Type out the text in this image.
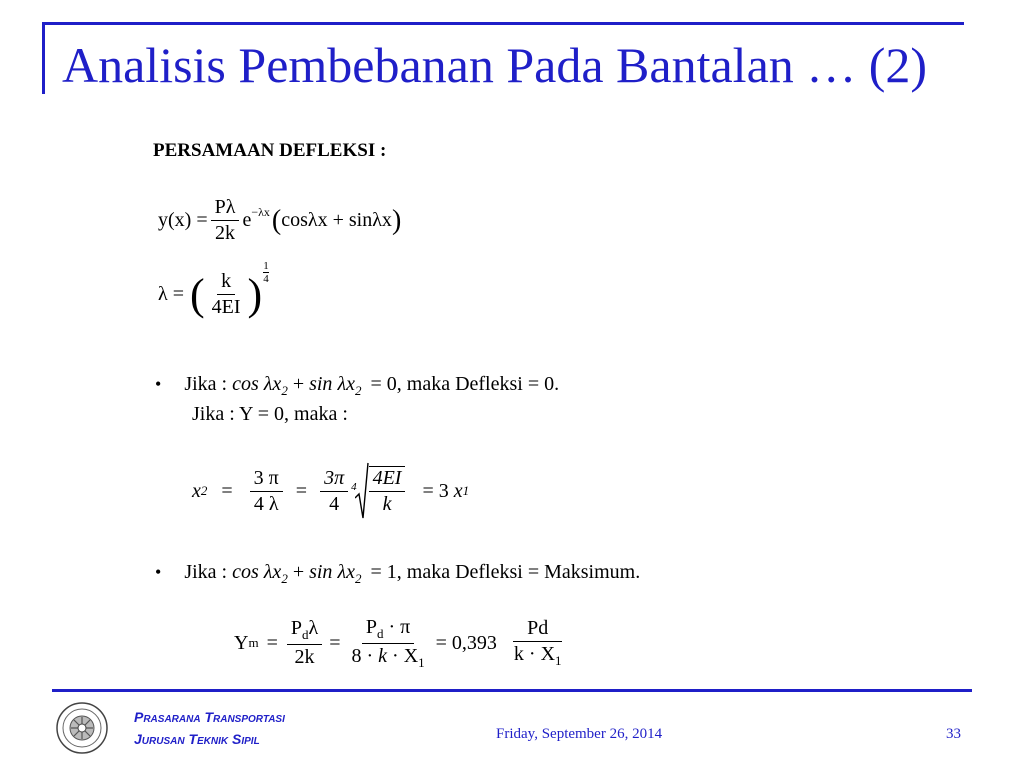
Analisis Pembebanan Pada Bantalan … (2)
PERSAMAAN DEFLEKSI :
$y(x) = \frac{P\lambda}{2k}$ e −λx ( cosλx + sinλx )
λ = ( $\frac{k}{4EI}$ ) $\frac{1}{4}$
• Jika : $\cos \lambda x_2 + \sin \lambda x_2 = 0$, maka Defleksi = 0.
Jika : Y = 0, maka :
x $2 = \frac{3 \pi}{4 \lambda} = \frac{3\pi}{4} 4 \frac{4EI}{k} = 3$ x 1
• Jika : $\cos \lambda x_2 + \sin \lambda x_2 = 1$, maka Defleksi = Maksimum.
Y $m = \frac{P_d\lambda}{2k} = \frac{P_d \cdot \pi}{8 \cdot k \cdot X_1} = 0,393 \frac{Pd}{k \cdot X_1}$
Prasarana Transportasi
Jurusan Teknik Sipil	Friday, September 26, 2014	33
